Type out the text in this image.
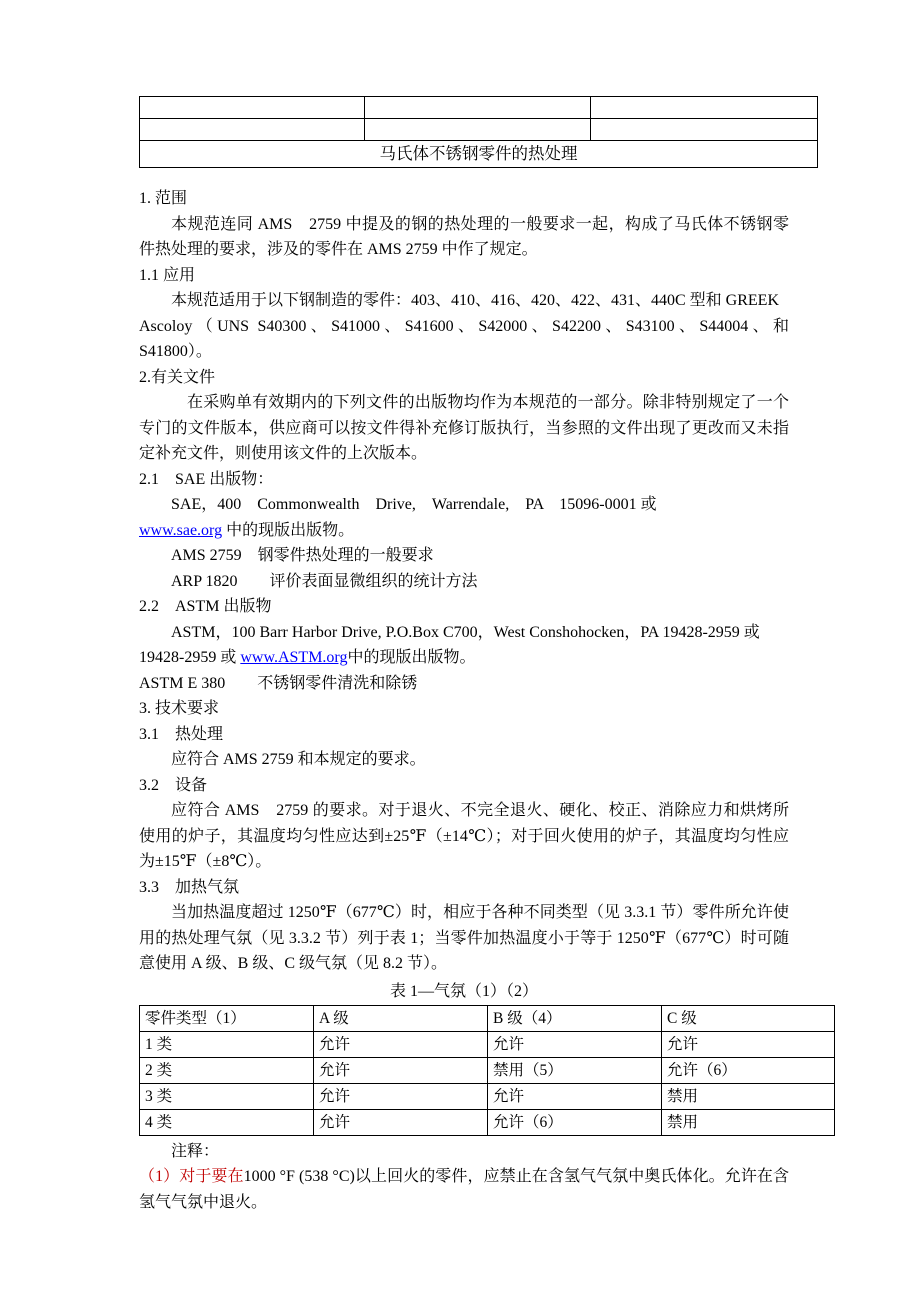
马氏体不锈钢零件的热处理		

1. 范围

本规范连同 AMS　2759 中提及的钢的热处理的一般要求一起，构成了马氏体不锈钢零件热处理的要求，涉及的零件在 AMS 2759 中作了规定。

1.1 应用

本规范适用于以下钢制造的零件：403、410、416、420、422、431、440C 型和 GREEK

Ascoloy（UNS S40300、S41000、S41600、S42000、S42200、S43100、S44004、和 S41800）。

2.有关文件

在采购单有效期内的下列文件的出版物均作为本规范的一部分。除非特别规定了一个专门的文件版本，供应商可以按文件得补充修订版执行，当参照的文件出现了更改而又未指定补充文件，则使用该文件的上次版本。

2.1　SAE 出版物：

SAE，400　Commonwealth　Drive,　Warrendale,　PA　15096-0001 或

www.sae.org 中的现版出版物。

AMS 2759　钢零件热处理的一般要求

ARP 1820　　评价表面显微组织的统计方法

2.2　ASTM 出版物

ASTM，100 Barr Harbor Drive, P.O.Box C700，West Conshohocken，PA 19428-2959 或

19428-2959 或 www.ASTM.org中的现版出版物。

ASTM E 380　　不锈钢零件清洗和除锈

3. 技术要求

3.1　热处理

应符合 AMS 2759 和本规定的要求。

3.2　设备

应符合 AMS　2759 的要求。对于退火、不完全退火、硬化、校正、消除应力和烘烤所使用的炉子，其温度均匀性应达到±25℉（±14℃）；对于回火使用的炉子，其温度均匀性应为±15℉（±8℃）。

3.3　加热气氛

当加热温度超过 1250℉（677℃）时，相应于各种不同类型（见 3.3.1 节）零件所允许使用的热处理气氛（见 3.3.2 节）列于表 1；当零件加热温度小于等于 1250℉（677℃）时可随意使用 A 级、B 级、C 级气氛（见 8.2 节）。

表 1—气氛（1）（2）

零件类型（1）	A 级	B 级（4）	C 级
1 类	允许	允许	允许
2 类	允许	禁用（5）	允许（6）
3 类	允许	允许	禁用
4 类	允许	允许（6）	禁用

注释：

（1）对于要在1000 °F (538 °C)以上回火的零件，应禁止在含氢气气氛中奥氏体化。允许在含氢气气氛中退火。
